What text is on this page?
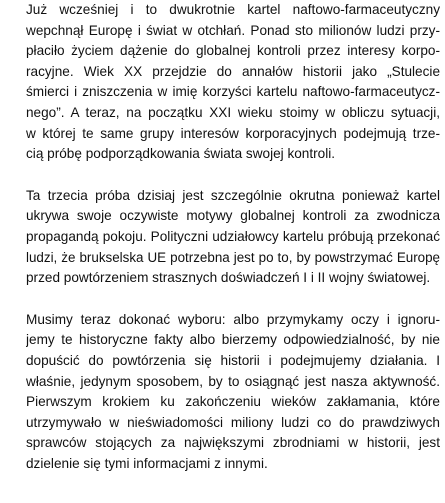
Już wcześniej i to dwukrotnie kartel naftowo-farmaceutyczny
wepchnął Europę i świat w otchłań. Ponad sto milionów ludzi przy-
płaciło życiem dążenie do globalnej kontroli przez interesy korpo-
racyjne. Wiek XX przejdzie do annałów historii jako „Stulecie
śmierci i zniszczenia w imię korzyści kartelu naftowo-farmaceutycz-
nego”. A teraz, na początku XXI wieku stoimy w obliczu sytuacji,
w której te same grupy interesów korporacyjnych podejmują trze-
cią próbę podporządkowania świata swojej kontroli.
Ta trzecia próba dzisiaj jest szczególnie okrutna ponieważ kartel
ukrywa swoje oczywiste motywy globalnej kontroli za zwodnicza
propagandą pokoju. Polityczni udziałowcy kartelu próbują przekonać
ludzi, że brukselska UE potrzebna jest po to, by powstrzymać Europę
przed powtórzeniem strasznych doświadczeń I i II wojny światowej.
Musimy teraz dokonać wyboru: albo przymykamy oczy i ignoru-
jemy te historyczne fakty albo bierzemy odpowiedzialność, by nie
dopuścić do powtórzenia się historii i podejmujemy działania. I
właśnie, jedynym sposobem, by to osiągnąć jest nasza aktywność.
Pierwszym krokiem ku zakończeniu wieków zakłamania, które
utrzymywało w nieświadomości miliony ludzi co do prawdziwych
sprawców stojących za największymi zbrodniami w historii, jest
dzielenie się tymi informacjami z innymi.
